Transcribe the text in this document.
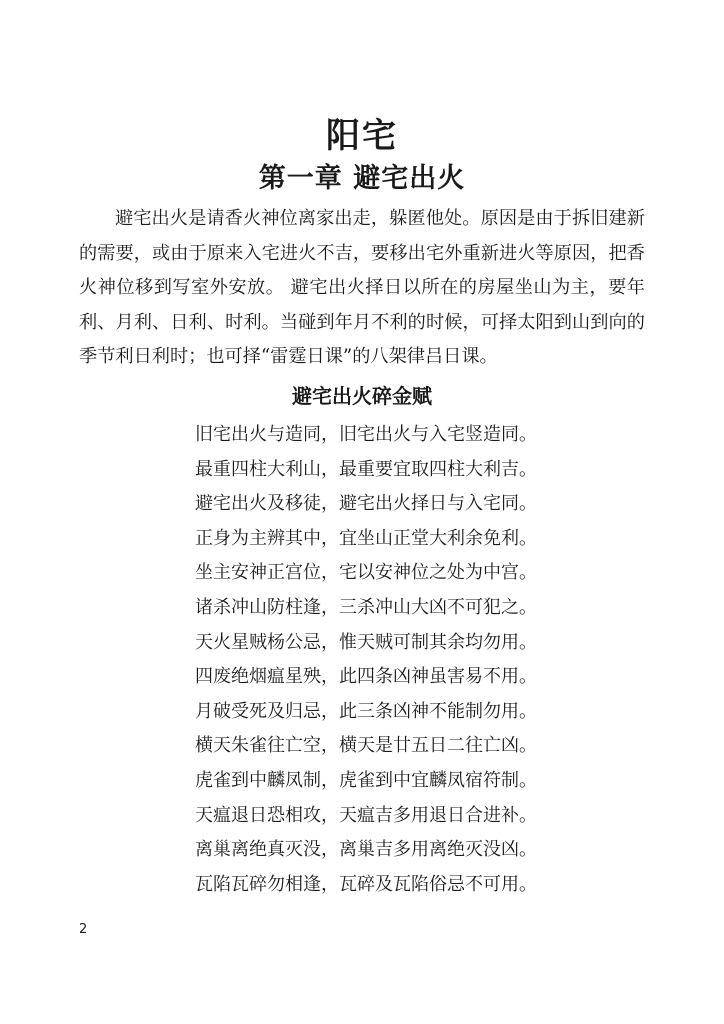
阳宅
第一章 避宅出火

避宅出火是请香火神位离家出走，躲匿他处。原因是由于拆旧建新的需要，或由于原来入宅进火不吉，要移出宅外重新进火等原因，把香火神位移到写室外安放。 避宅出火择日以所在的房屋坐山为主，要年利、月利、日利、时利。当碰到年月不利的时候，可择太阳到山到向的季节利日利时；也可择“雷霆日课”的八架律吕日课。

避宅出火碎金赋
旧宅出火与造同，旧宅出火与入宅竖造同。
最重四柱大利山，最重要宜取四柱大利吉。
避宅出火及移徒，避宅出火择日与入宅同。
正身为主辨其中，宜坐山正堂大利余免利。
坐主安神正宫位，宅以安神位之处为中宫。
诸杀冲山防柱逢，三杀冲山大凶不可犯之。
天火星贼杨公忌，惟天贼可制其余均勿用。
四废绝烟瘟星殃，此四条凶神虽害易不用。
月破受死及归忌，此三条凶神不能制勿用。
横天朱雀往亡空，横天是廿五日二往亡凶。
虎雀到中麟凤制，虎雀到中宜麟凤宿符制。
天瘟退日恐相攻，天瘟吉多用退日合进补。
离巢离绝真灭没，离巢吉多用离绝灭没凶。
瓦陷瓦碎勿相逢，瓦碎及瓦陷俗忌不可用。
2
